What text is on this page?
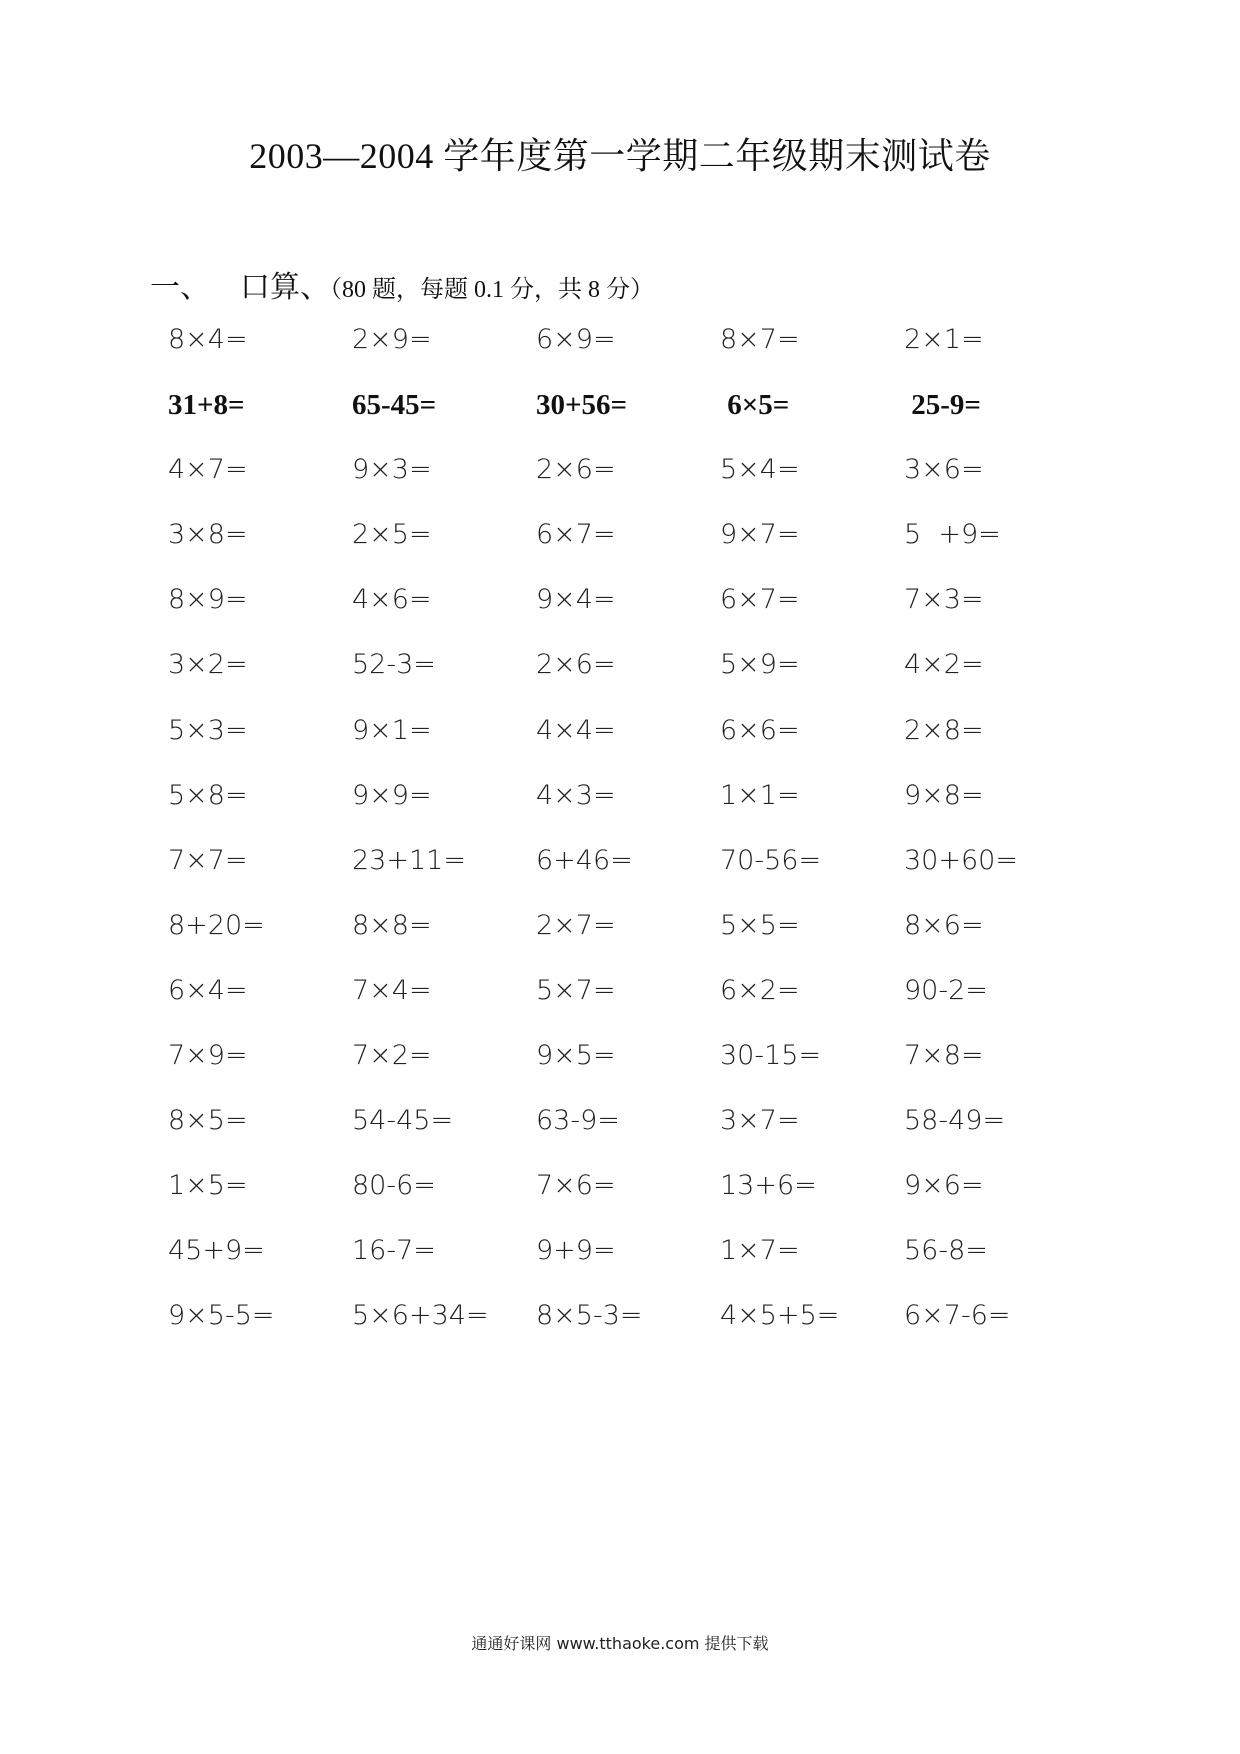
2003—2004 学年度第一学期二年级期末测试卷
一、 口算、（80 题，每题 0.1 分，共 8 分）
8×4=	2×9=	6×9=	8×7=	2×1=
31+8=	65-45=	30+56=	6×5=	25-9=
4×7=	9×3=	2×6=	5×4=	3×6=
3×8=	2×5=	6×7=	9×7=	5  +9=
8×9=	4×6=	9×4=	6×7=	7×3=
3×2=	52-3=	2×6=	5×9=	4×2=
5×3=	9×1=	4×4=	6×6=	2×8=
5×8=	9×9=	4×3=	1×1=	9×8=
7×7=	23+11=	6+46=	70-56=	30+60=
8+20=	8×8=	2×7=	5×5=	8×6=
6×4=	7×4=	5×7=	6×2=	90-2=
7×9=	7×2=	9×5=	30-15=	7×8=
8×5=	54-45=	63-9=	3×7=	58-49=
1×5=	80-6=	7×6=	13+6=	9×6=
45+9=	16-7=	9+9=	1×7=	56-8=
9×5-5=	5×6+34=	8×5-3=	4×5+5=	6×7-6=
通通好课网 www.tthaoke.com 提供下载
